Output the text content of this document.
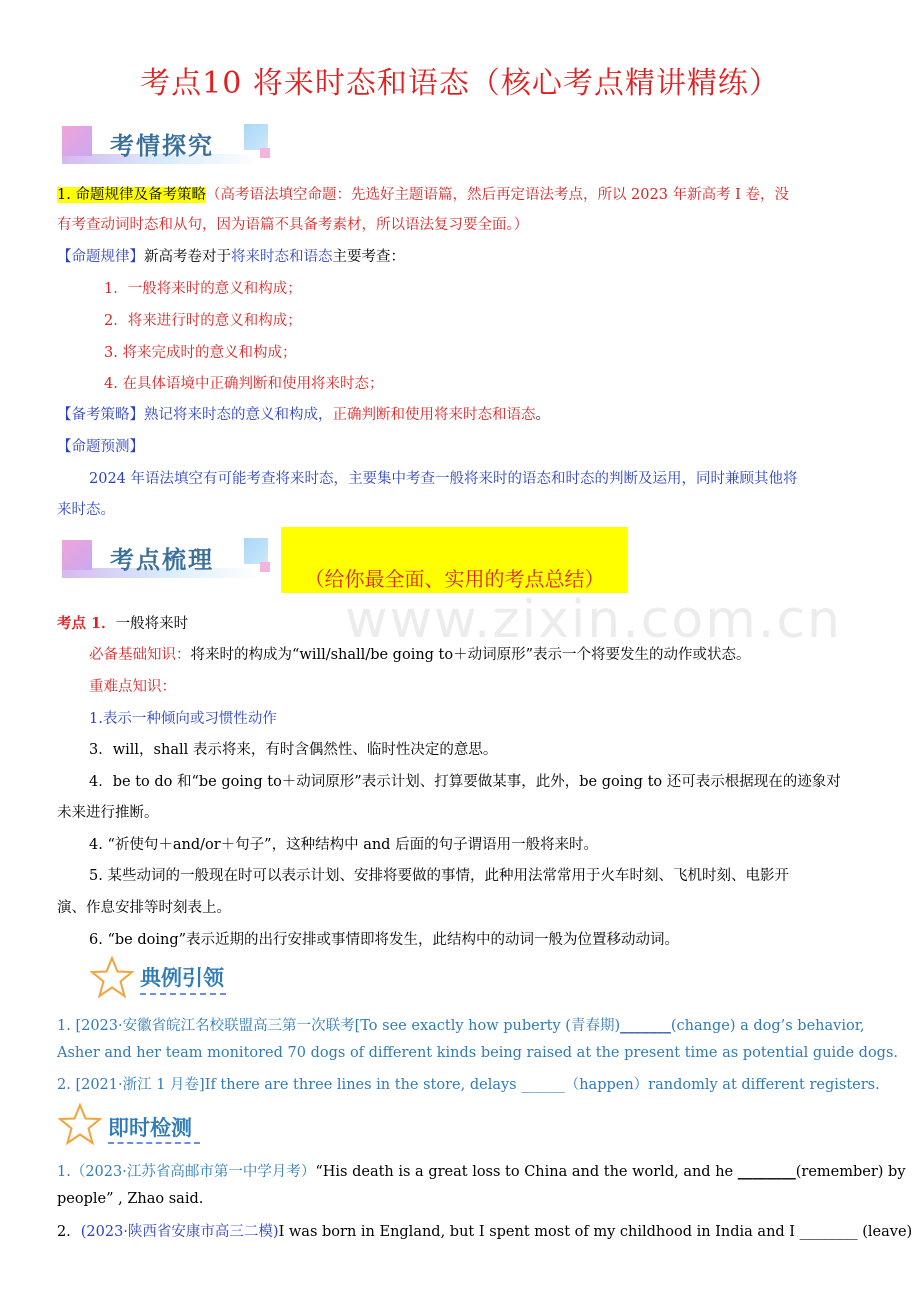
考点10 将来时态和语态（核心考点精讲精练）
考情探究
1. 命题规律及备考策略（高考语法填空命题：先选好主题语篇，然后再定语法考点，所以 2023 年新高考 I 卷，没
有考查动词时态和从句，因为语篇不具备考素材，所以语法复习要全面。）
【命题规律】新高考卷对于将来时态和语态主要考查：
1．一般将来时的意义和构成；
2．将来进行时的意义和构成；
3. 将来完成时的意义和构成；
4. 在具体语境中正确判断和使用将来时态；
【备考策略】熟记将来时态的意义和构成，正确判断和使用将来时态和语态。
【命题预测】
2024 年语法填空有可能考查将来时态，主要集中考查一般将来时的语态和时态的判断及运用，同时兼顾其他将
来时态。
考点梳理
（给你最全面、实用的考点总结）
www.zixin.com.cn
考点 1．一般将来时
必备基础知识：将来时的构成为“will/shall/be going to＋动词原形”表示一个将要发生的动作或状态。
重难点知识：
1.表示一种倾向或习惯性动作
3．will，shall 表示将来，有时含偶然性、临时性决定的意思。
4．be to do 和“be going to＋动词原形”表示计划、打算要做某事，此外，be going to 还可表示根据现在的迹象对
未来进行推断。
4. “祈使句＋and/or＋句子”，这种结构中 and 后面的句子谓语用一般将来时。
5. 某些动词的一般现在时可以表示计划、安排将要做的事情，此种用法常常用于火车时刻、飞机时刻、电影开
演、作息安排等时刻表上。
6. “be doing”表示近期的出行安排或事情即将发生，此结构中的动词一般为位置移动动词。
典例引领
1. [2023·安徽省皖江名校联盟高三第一次联考[To see exactly how puberty (青春期)_______(change) a dog’s behavior,
Asher and her team monitored 70 dogs of different kinds being raised at the present time as potential guide dogs.
2. [2021·浙江 1 月卷]If there are three lines in the store, delays ______（happen）randomly at different registers.
即时检测
1.（2023·江苏省高邮市第一中学月考）“His death is a great loss to China and the world, and he ________(remember) by
people” , Zhao said.
2．(2023·陕西省安康市高三二模)I was born in England, but I spent most of my childhood in India and I ________ (leave)
